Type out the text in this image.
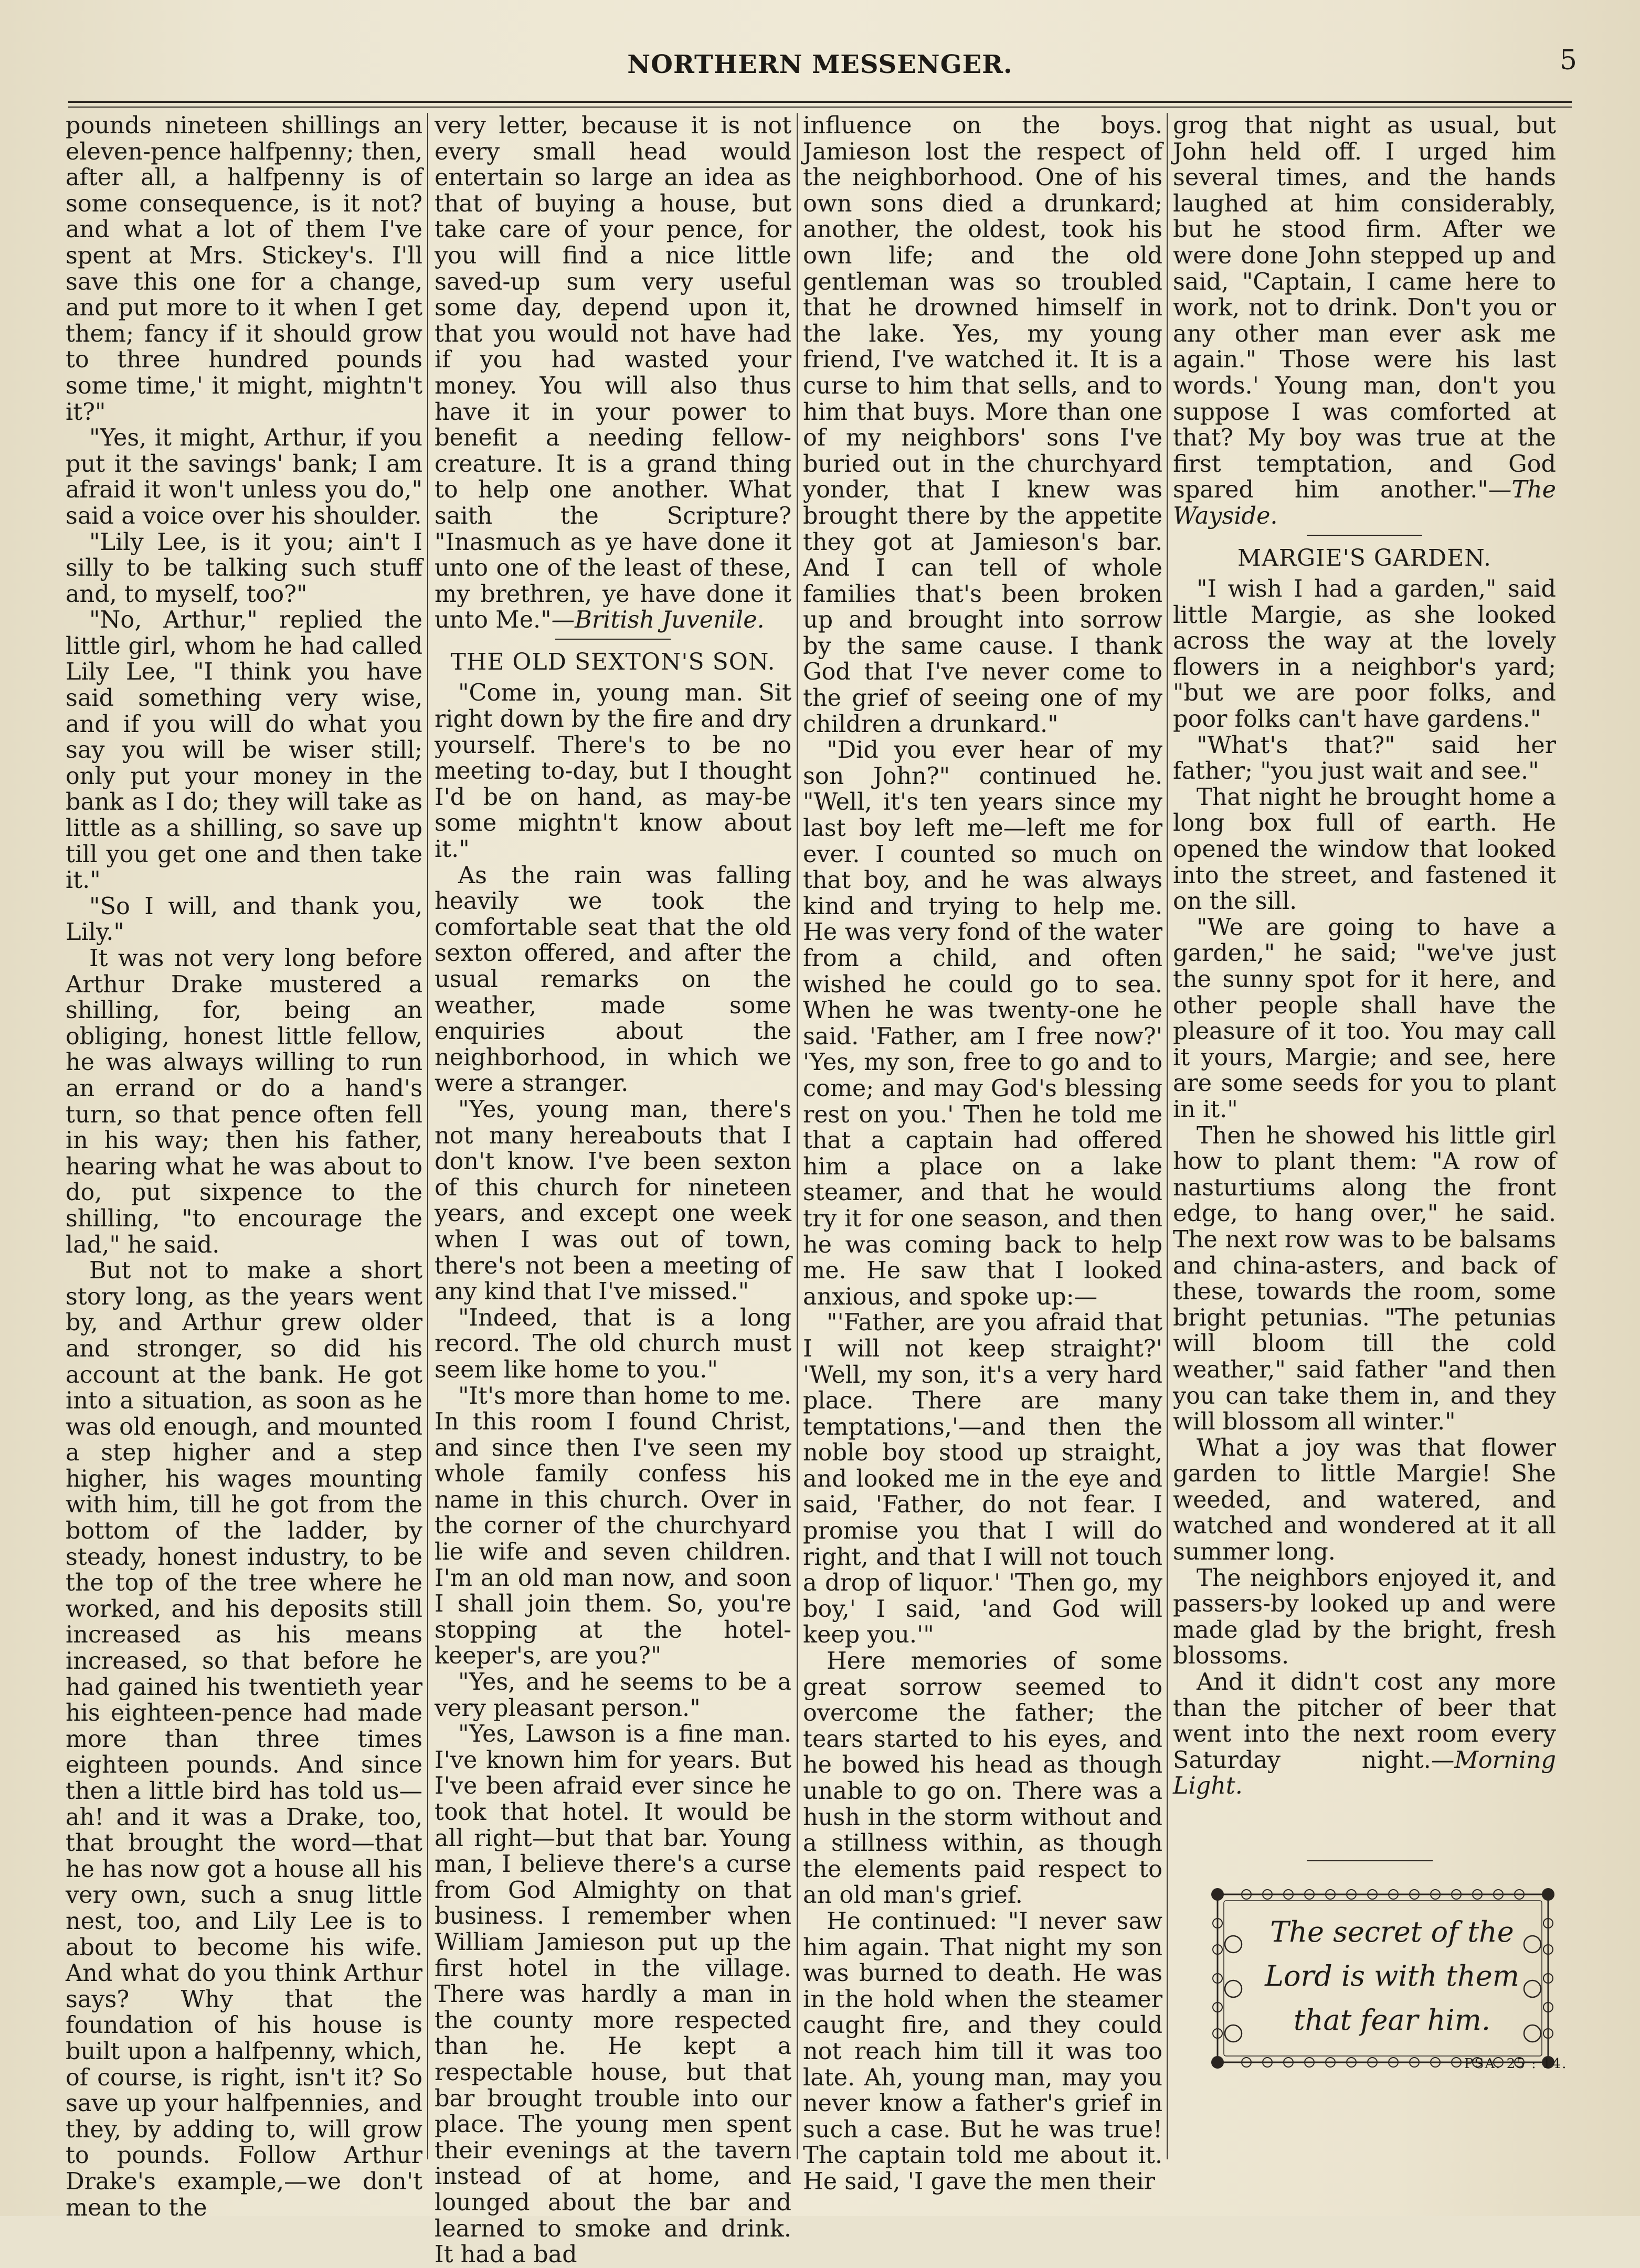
NORTHERN MESSENGER.	5

pounds nineteen shillings an eleven-pence halfpenny; then, after all, a halfpenny is of some consequence, is it not? and what a lot of them I've spent at Mrs. Stickey's. I'll save this one for a change, and put more to it when I get them; fancy if it should grow to three hundred pounds some time,' it might, mightn't it?"

"Yes, it might, Arthur, if you put it the savings' bank; I am afraid it won't unless you do," said a voice over his shoulder.

"Lily Lee, is it you; ain't I silly to be talking such stuff and, to myself, too?"

"No, Arthur," replied the little girl, whom he had called Lily Lee, "I think you have said something very wise, and if you will do what you say you will be wiser still; only put your money in the bank as I do; they will take as little as a shilling, so save up till you get one and then take it."

"So I will, and thank you, Lily."

It was not very long before Arthur Drake mustered a shilling, for, being an obliging, honest little fellow, he was always willing to run an errand or do a hand's turn, so that pence often fell in his way; then his father, hearing what he was about to do, put sixpence to the shilling, "to encourage the lad," he said.

But not to make a short story long, as the years went by, and Arthur grew older and stronger, so did his account at the bank. He got into a situation, as soon as he was old enough, and mounted a step higher and a step higher, his wages mounting with him, till he got from the bottom of the ladder, by steady, honest industry, to be the top of the tree where he worked, and his deposits still increased as his means increased, so that before he had gained his twentieth year his eighteen-pence had made more than three times eighteen pounds. And since then a little bird has told us—ah! and it was a Drake, too, that brought the word—that he has now got a house all his very own, such a snug little nest, too, and Lily Lee is to about to become his wife. And what do you think Arthur says? Why that the foundation of his house is built upon a halfpenny, which, of course, is right, isn't it? So save up your halfpennies, and they, by adding to, will grow to pounds. Follow Arthur Drake's example,—we don't mean to the

very letter, because it is not every small head would entertain so large an idea as that of buying a house, but take care of your pence, for you will find a nice little saved-up sum very useful some day, depend upon it, that you would not have had if you had wasted your money. You will also thus have it in your power to benefit a needing fellow-creature. It is a grand thing to help one another. What saith the Scripture? "Inasmuch as ye have done it unto one of the least of these, my brethren, ye have done it unto Me."—British Juvenile.

THE OLD SEXTON'S SON.

"Come in, young man. Sit right down by the fire and dry yourself. There's to be no meeting to-day, but I thought I'd be on hand, as may-be some mightn't know about it."

As the rain was falling heavily we took the comfortable seat that the old sexton offered, and after the usual remarks on the weather, made some enquiries about the neighborhood, in which we were a stranger.

"Yes, young man, there's not many hereabouts that I don't know. I've been sexton of this church for nineteen years, and except one week when I was out of town, there's not been a meeting of any kind that I've missed."

"Indeed, that is a long record. The old church must seem like home to you."

"It's more than home to me. In this room I found Christ, and since then I've seen my whole family confess his name in this church. Over in the corner of the churchyard lie wife and seven children. I'm an old man now, and soon I shall join them. So, you're stopping at the hotel-keeper's, are you?"

"Yes, and he seems to be a very pleasant person."

"Yes, Lawson is a fine man. I've known him for years. But I've been afraid ever since he took that hotel. It would be all right—but that bar. Young man, I believe there's a curse from God Almighty on that business. I remember when William Jamieson put up the first hotel in the village. There was hardly a man in the county more respected than he. He kept a respectable house, but that bar brought trouble into our place. The young men spent their evenings at the tavern instead of at home, and lounged about the bar and learned to smoke and drink. It had a bad

influence on the boys. Jamieson lost the respect of the neighborhood. One of his own sons died a drunkard; another, the oldest, took his own life; and the old gentleman was so troubled that he drowned himself in the lake. Yes, my young friend, I've watched it. It is a curse to him that sells, and to him that buys. More than one of my neighbors' sons I've buried out in the churchyard yonder, that I knew was brought there by the appetite they got at Jamieson's bar. And I can tell of whole families that's been broken up and brought into sorrow by the same cause. I thank God that I've never come to the grief of seeing one of my children a drunkard."

"Did you ever hear of my son John?" continued he. "Well, it's ten years since my last boy left me—left me for ever. I counted so much on that boy, and he was always kind and trying to help me. He was very fond of the water from a child, and often wished he could go to sea. When he was twenty-one he said. 'Father, am I free now?' 'Yes, my son, free to go and to come; and may God's blessing rest on you.' Then he told me that a captain had offered him a place on a lake steamer, and that he would try it for one season, and then he was coming back to help me. He saw that I looked anxious, and spoke up:—

"'Father, are you afraid that I will not keep straight?' 'Well, my son, it's a very hard place. There are many temptations,'—and then the noble boy stood up straight, and looked me in the eye and said, 'Father, do not fear. I promise you that I will do right, and that I will not touch a drop of liquor.' 'Then go, my boy,' I said, 'and God will keep you.'"

Here memories of some great sorrow seemed to overcome the father; the tears started to his eyes, and he bowed his head as though unable to go on. There was a hush in the storm without and a stillness within, as though the elements paid respect to an old man's grief.

He continued: "I never saw him again. That night my son was burned to death. He was in the hold when the steamer caught fire, and they could not reach him till it was too late. Ah, young man, may you never know a father's grief in such a case. But he was true! The captain told me about it. He said, 'I gave the men their

grog that night as usual, but John held off. I urged him several times, and the hands laughed at him considerably, but he stood firm. After we were done John stepped up and said, "Captain, I came here to work, not to drink. Don't you or any other man ever ask me again." Those were his last words.' Young man, don't you suppose I was comforted at that? My boy was true at the first temptation, and God spared him another."—The Wayside.

MARGIE'S GARDEN.

"I wish I had a garden," said little Margie, as she looked across the way at the lovely flowers in a neighbor's yard; "but we are poor folks, and poor folks can't have gardens."

"What's that?" said her father; "you just wait and see."

That night he brought home a long box full of earth. He opened the window that looked into the street, and fastened it on the sill.

"We are going to have a garden," he said; "we've just the sunny spot for it here, and other people shall have the pleasure of it too. You may call it yours, Margie; and see, here are some seeds for you to plant in it."

Then he showed his little girl how to plant them: "A row of nasturtiums along the front edge, to hang over," he said. The next row was to be balsams and china-asters, and back of these, towards the room, some bright petunias. "The petunias will bloom till the cold weather," said father "and then you can take them in, and they will blossom all winter."

What a joy was that flower garden to little Margie! She weeded, and watered, and watched and wondered at it all summer long.

The neighbors enjoyed it, and passers-by looked up and were made glad by the bright, fresh blossoms.

And it didn't cost any more than the pitcher of beer that went into the next room every Saturday night.—Morning Light.

The secret of the
Lord is with them
that fear him.
PSA. 25 : 14.
